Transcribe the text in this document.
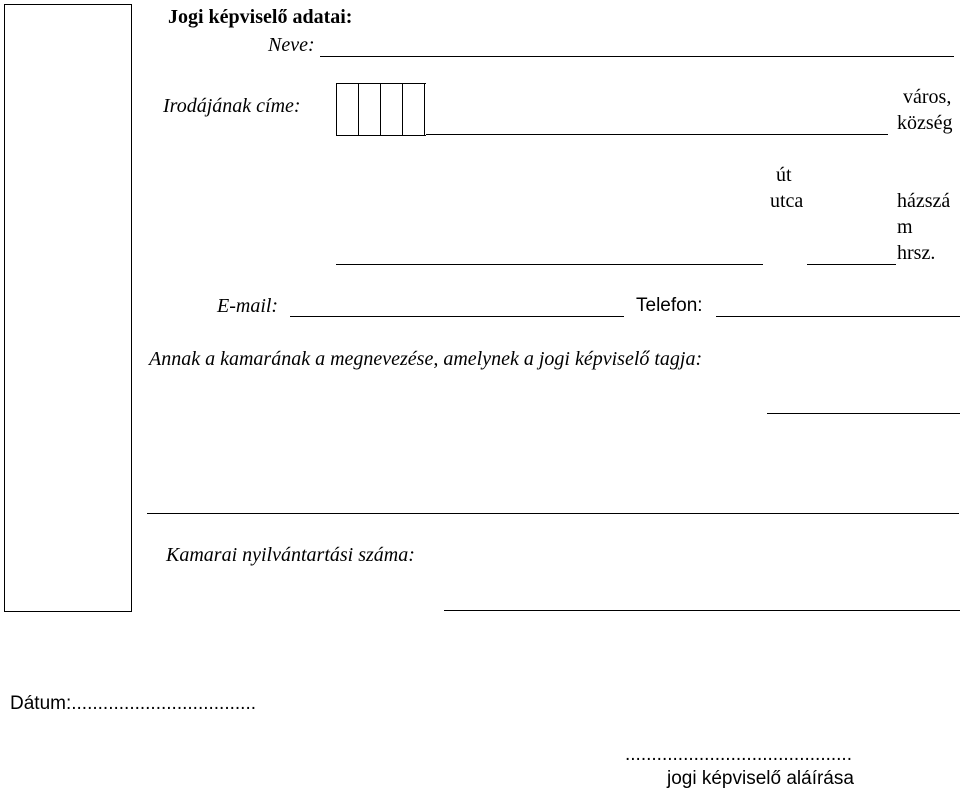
Jogi képviselő adatai:
Neve:
Irodájának címe:	város,
község
út
utca	házszá
m
hrsz.
E-mail:	Telefon:
Annak a kamarának a megnevezése, amelynek a jogi képviselő tagja:
Kamarai nyilvántartási száma:
Dátum:...................................
...........................................
jogi képviselő aláírása
